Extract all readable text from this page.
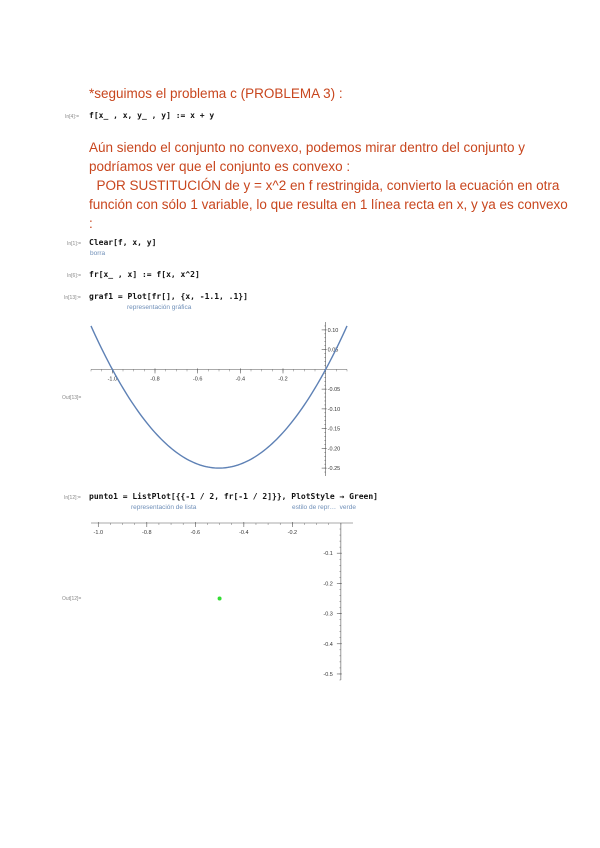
*seguimos el problema c (PROBLEMA 3) :
In[4]:= f[x_ , x, y_ , y] := x + y
Aún siendo el conjunto no convexo, podemos mirar dentro del conjunto y
podríamos ver que el conjunto es convexo :
POR SUSTITUCIÓN de y = x^2 en f restringida, convierto la ecuación en otra
función con sólo 1 variable, lo que resulta en 1 línea recta en x, y ya es convexo
:
In[1]:= Clear[f, x, y]
borra
In[6]:= fr[x_ , x] := f[x, x^2]
In[13]:= graf1 = Plot[fr[], {x, -1.1, .1}]
representación gráfica
Out[13]=
-1.0	-0.8	-0.6	-0.4	-0.2
0.10
0.05
-0.05
-0.10
-0.15
-0.20
-0.25
In[12]:= punto1 = ListPlot[{{-1 / 2, fr[-1 / 2]}}, PlotStyle → Green]
representación de lista	estilo de repr…  verde
Out[12]=
-1.0	-0.8	-0.6	-0.4	-0.2
-0.1
-0.2
-0.3
-0.4
-0.5
